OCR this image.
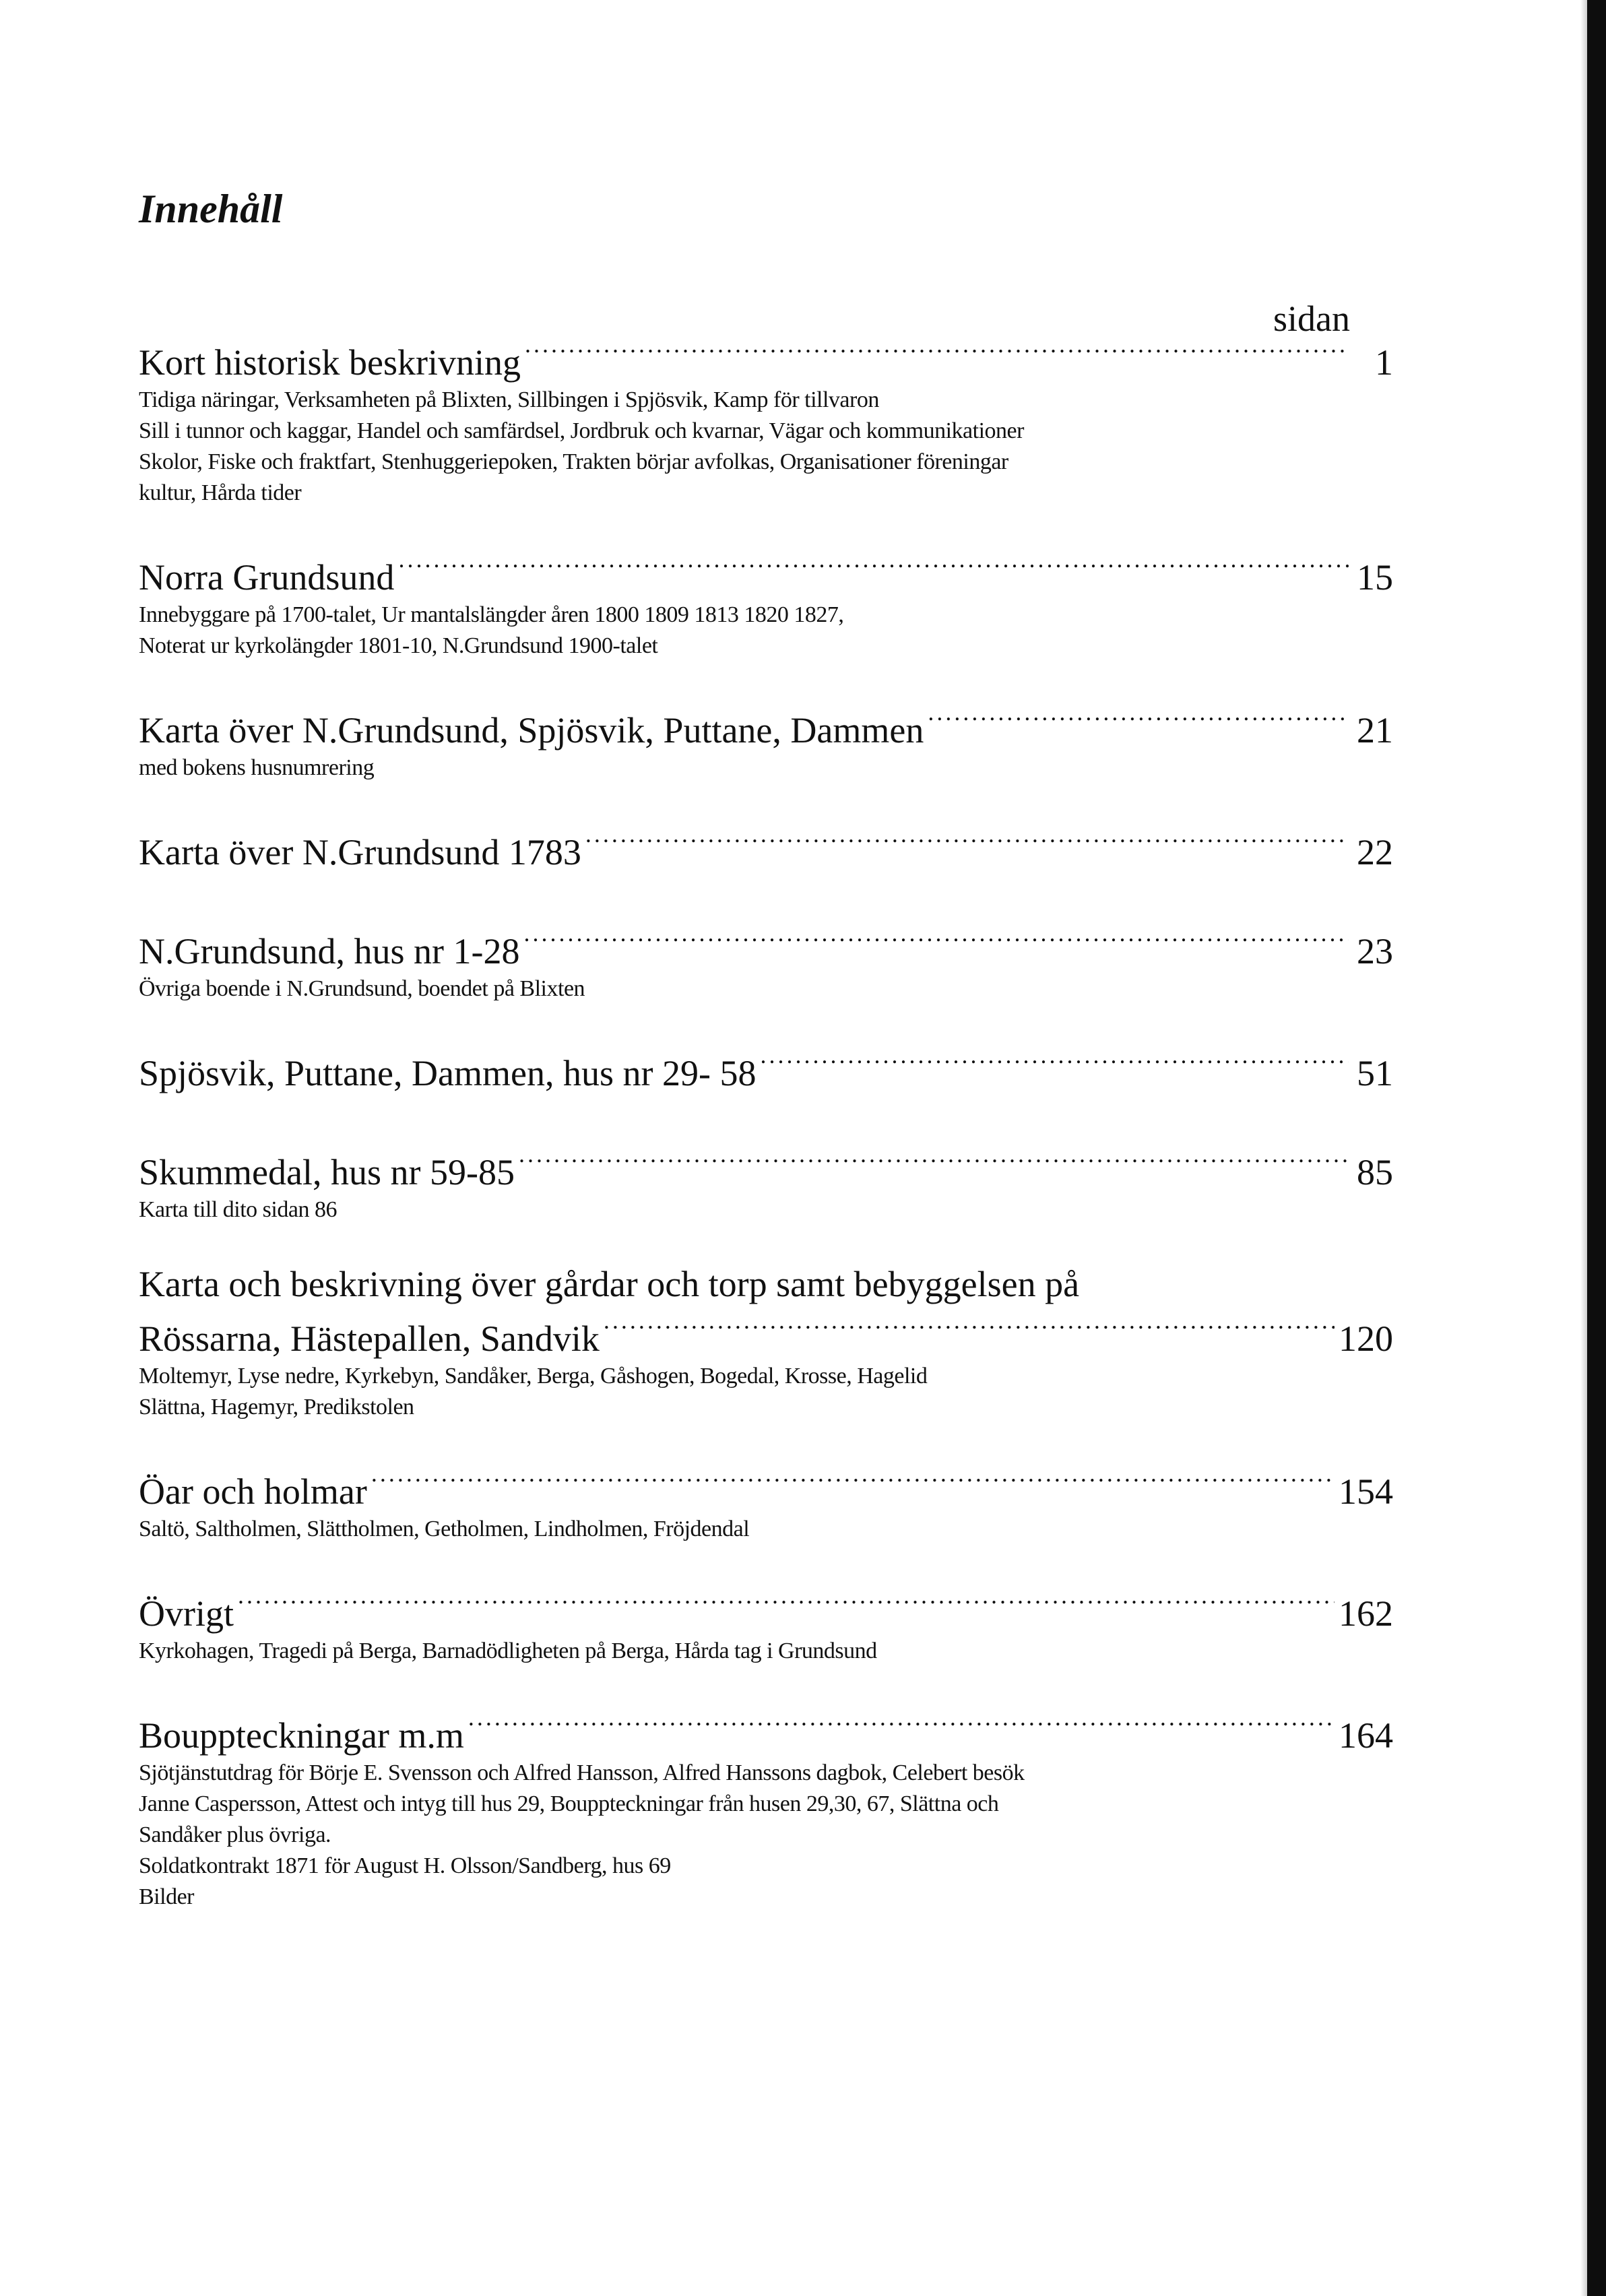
Innehåll
sidan
Kort historisk beskrivning .....	1

Tidiga näringar, Verksamheten på Blixten, Sillbingen i Spjösvik, Kamp för tillvaron

Sill i tunnor och kaggar, Handel och samfärdsel, Jordbruk och kvarnar, Vägar och kommunikationer

Skolor, Fiske och fraktfart, Stenhuggeriepoken, Trakten börjar avfolkas, Organisationer föreningar

kultur, Hårda tider

Norra Grundsund .....	15

Innebyggare på 1700-talet, Ur mantalslängder åren 1800 1809 1813 1820 1827,

Noterat ur kyrkolängder 1801-10, N.Grundsund 1900-talet

Karta över N.Grundsund, Spjösvik, Puttane, Dammen .....	21

med bokens husnumrering

Karta över N.Grundsund 1783 .....	22
N.Grundsund, hus nr 1-28 .....	23

Övriga boende i N.Grundsund, boendet på Blixten

Spjösvik, Puttane, Dammen, hus nr 29- 58 .....	51
Skummedal, hus nr 59-85 .....	85

Karta till dito sidan 86

Karta och beskrivning över gårdar och torp samt bebyggelsen på
Rössarna, Hästepallen, Sandvik .....	120

Moltemyr, Lyse nedre, Kyrkebyn, Sandåker, Berga, Gåshogen, Bogedal, Krosse, Hagelid

Slättna, Hagemyr, Predikstolen

Öar och holmar .....	154

Saltö, Saltholmen, Slättholmen, Getholmen, Lindholmen, Fröjdendal

Övrigt .....	162

Kyrkohagen, Tragedi på Berga, Barnadödligheten på Berga, Hårda tag i Grundsund

Bouppteckningar m.m .....	164

Sjötjänstutdrag för Börje E. Svensson och Alfred Hansson, Alfred Hanssons dagbok, Celebert besök

Janne Caspersson, Attest och intyg till hus 29, Bouppteckningar från husen 29,30, 67, Slättna och

Sandåker plus övriga.

Soldatkontrakt 1871 för August H. Olsson/Sandberg, hus 69

Bilder
